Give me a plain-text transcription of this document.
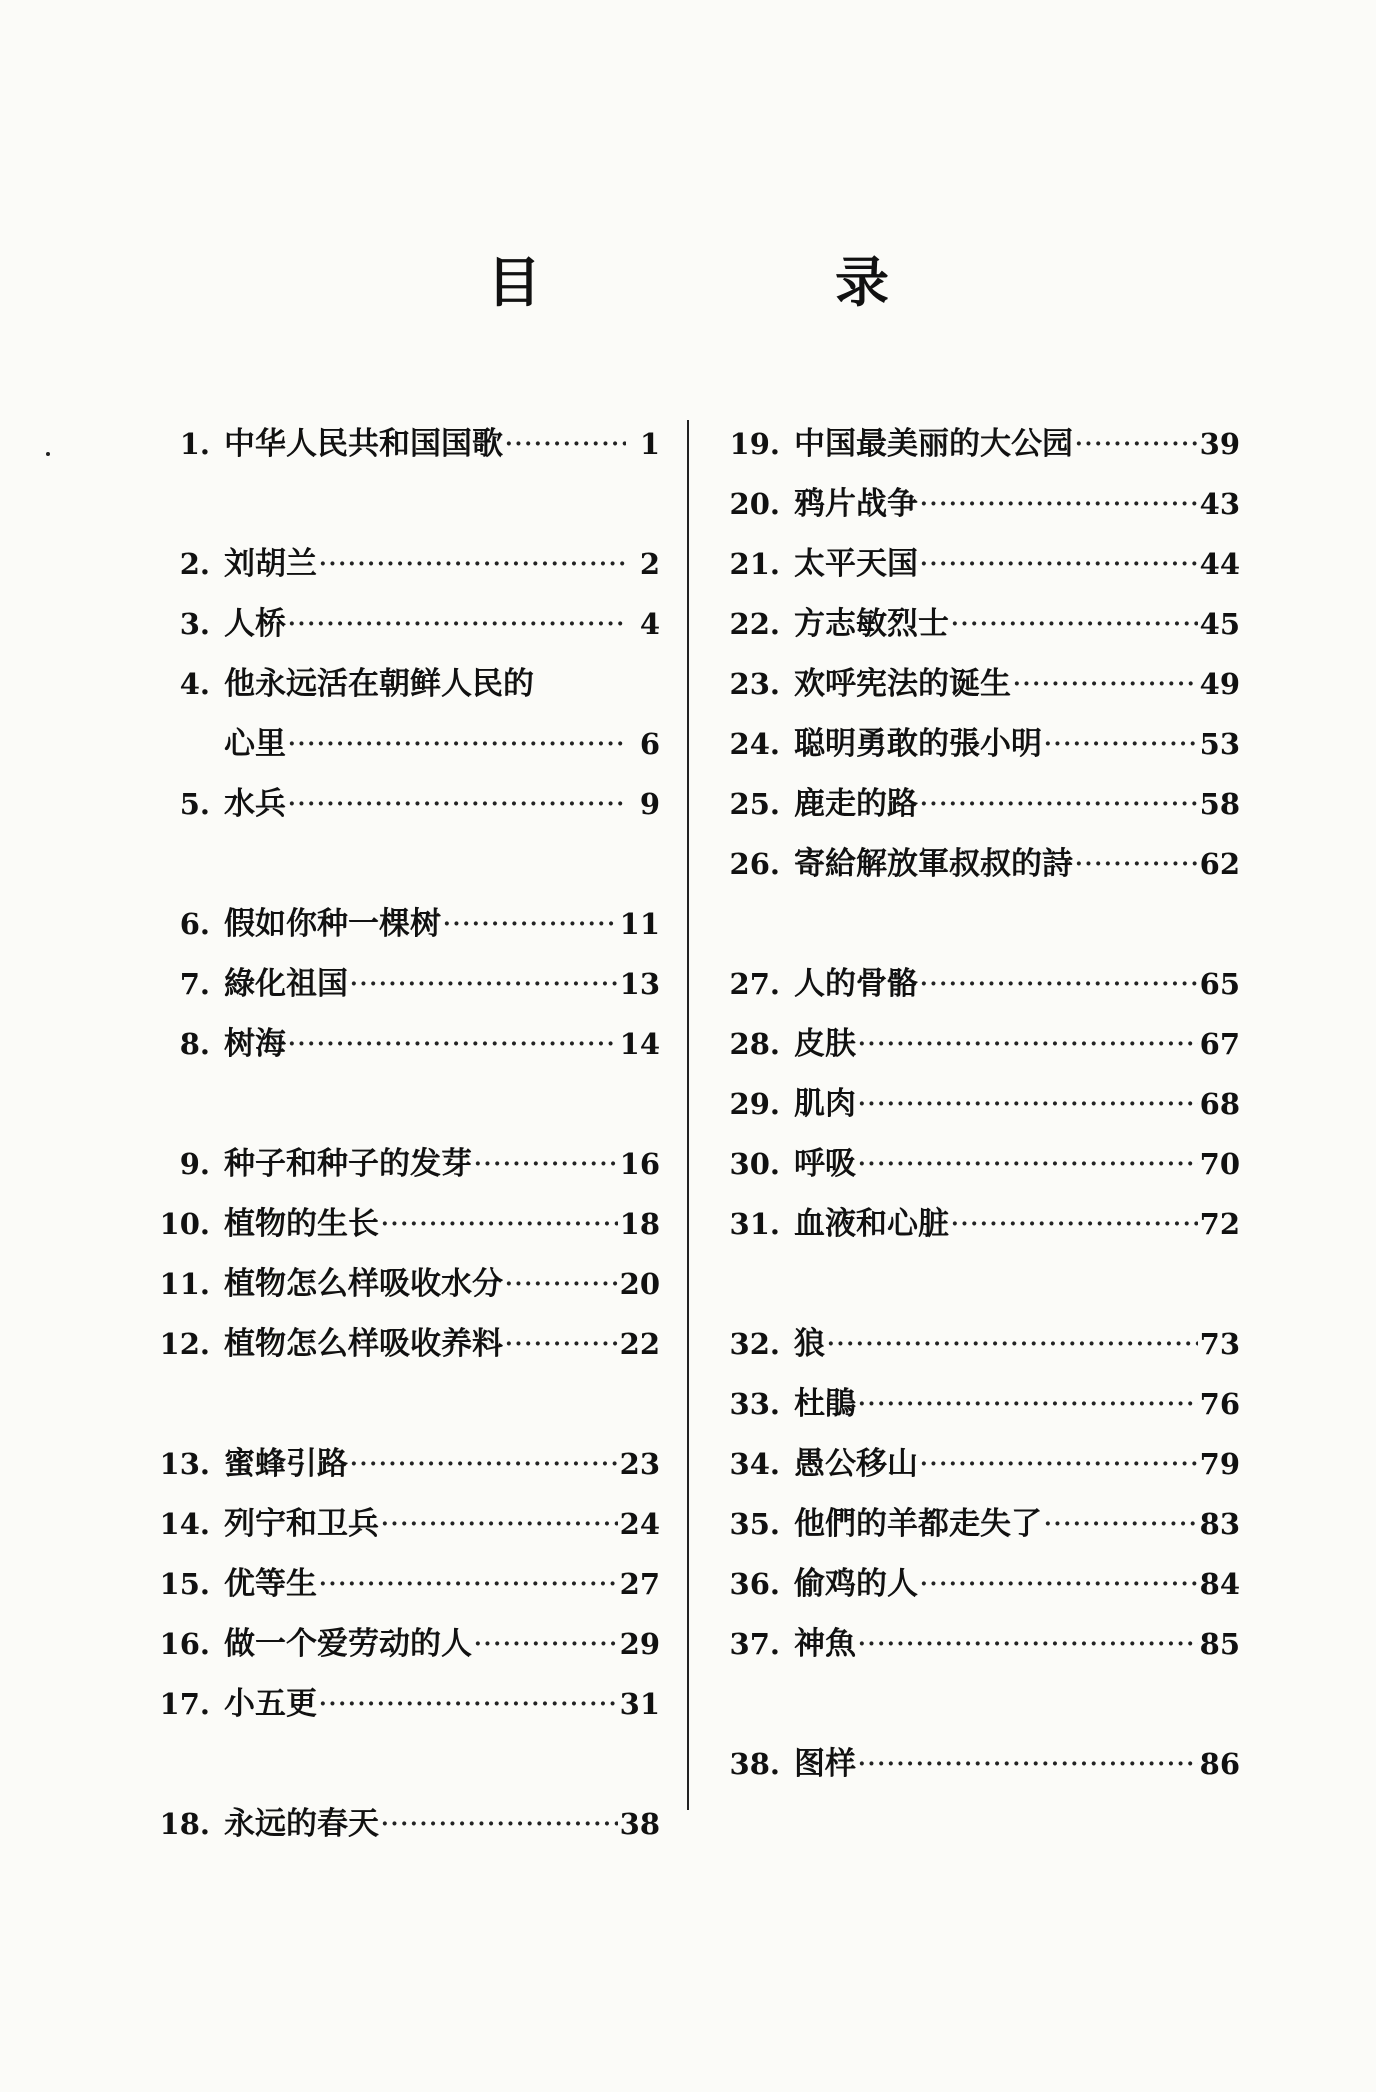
目　录
1. 中华人民共和国国歌 ·····	1
2. 刘胡兰 ·····	2
3. 人桥 ·····	4
4. 他永远活在朝鲜人民的
心里 ·····	6
5. 水兵 ·····	9
6. 假如你种一棵树 ·····	11
7. 綠化祖国 ·····	13
8. 树海 ·····	14
9. 种子和种子的发芽 ·····	16
10. 植物的生长 ·····	18
11. 植物怎么样吸收水分 ·····	20
12. 植物怎么样吸收养料 ·····	22
13. 蜜蜂引路 ·····	23
14. 列宁和卫兵 ·····	24
15. 优等生 ·····	27
16. 做一个爱劳动的人 ·····	29
17. 小五更 ·····	31
18. 永远的春天 ·····	38
19. 中国最美丽的大公园 ·····	39
20. 鸦片战争 ·····	43
21. 太平天国 ·····	44
22. 方志敏烈士 ·····	45
23. 欢呼宪法的诞生 ·····	49
24. 聪明勇敢的張小明 ·····	53
25. 鹿走的路 ·····	58
26. 寄給解放軍叔叔的詩 ·····	62
27. 人的骨骼 ·····	65
28. 皮肤 ·····	67
29. 肌肉 ·····	68
30. 呼吸 ·····	70
31. 血液和心脏 ·····	72
32. 狼 ·····	73
33. 杜鵑 ·····	76
34. 愚公移山 ·····	79
35. 他們的羊都走失了 ·····	83
36. 偷鸡的人 ·····	84
37. 神魚 ·····	85
38. 图样 ·····	86
